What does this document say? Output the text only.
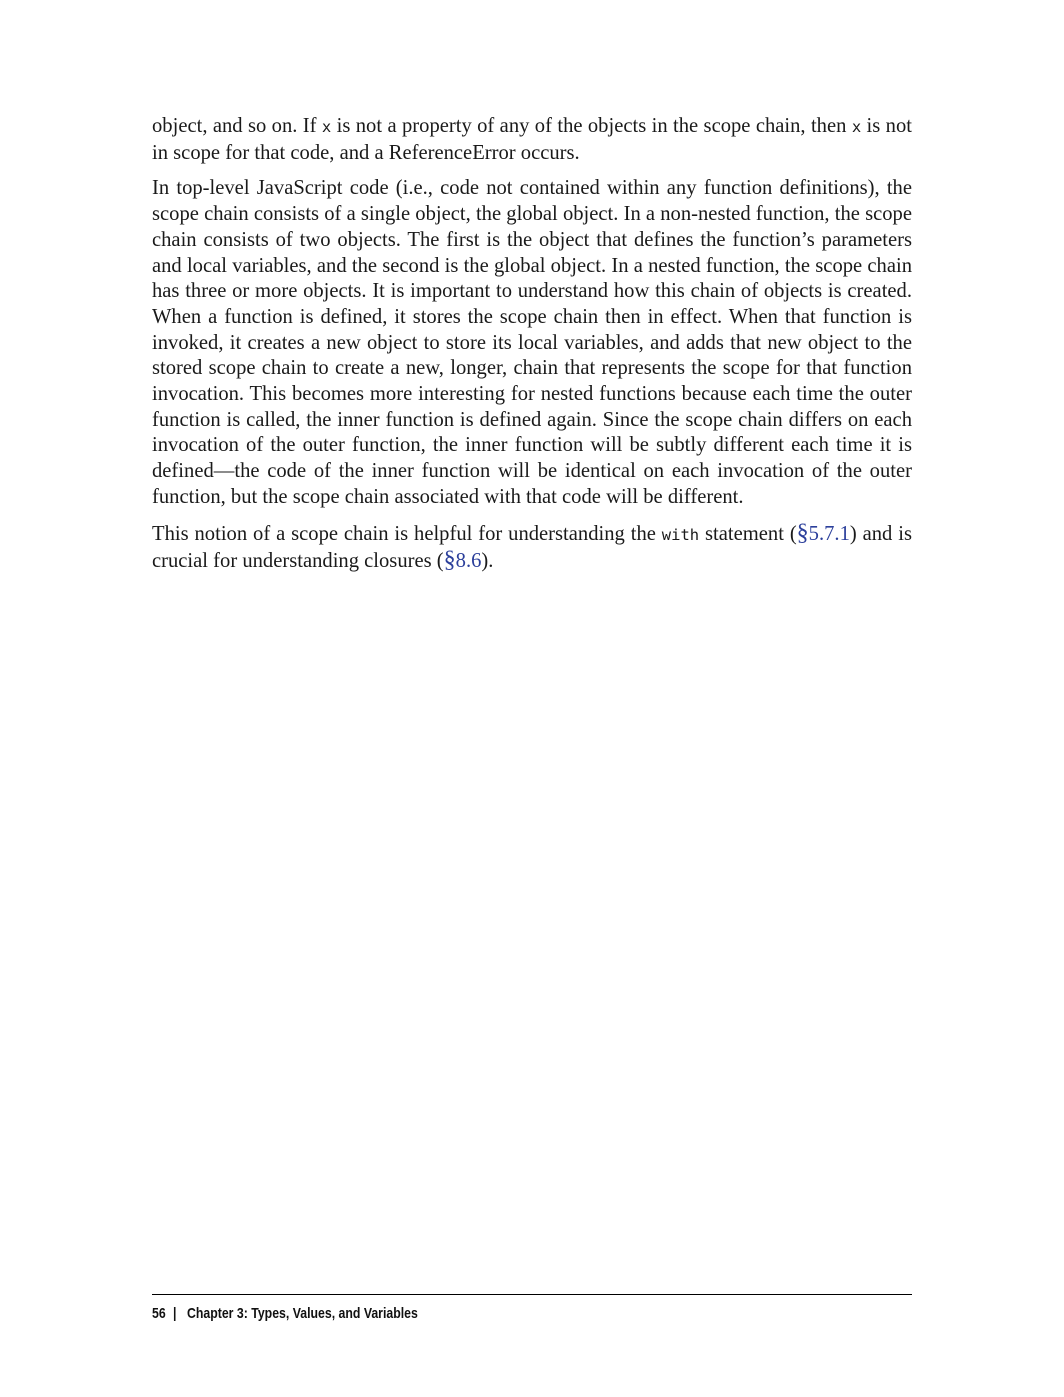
object, and so on. If x is not a property of any of the objects in the scope chain, then x is not in scope for that code, and a ReferenceError occurs.

In top-level JavaScript code (i.e., code not contained within any function definitions), the scope chain consists of a single object, the global object. In a non-nested function, the scope chain consists of two objects. The first is the object that defines the function’s parameters and local variables, and the second is the global object. In a nested function, the scope chain has three or more objects. It is important to understand how this chain of objects is created. When a function is defined, it stores the scope chain then in effect. When that function is invoked, it creates a new object to store its local variables, and adds that new object to the stored scope chain to create a new, longer, chain that represents the scope for that function invocation. This becomes more interesting for nested functions because each time the outer function is called, the inner function is defined again. Since the scope chain differs on each invocation of the outer function, the inner function will be subtly different each time it is defined—the code of the inner function will be identical on each invocation of the outer function, but the scope chain associated with that code will be different.

This notion of a scope chain is helpful for understanding the with statement (§5.7.1) and is crucial for understanding closures (§8.6).

56 | Chapter 3: Types, Values, and Variables
